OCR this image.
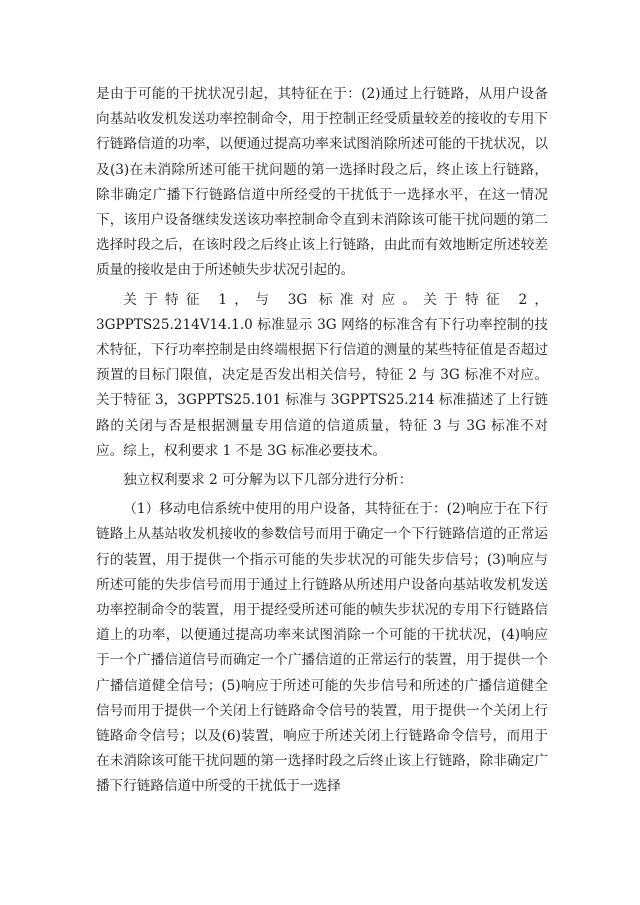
是由于可能的干扰状况引起，其特征在于：(2)通过上行链路，从用户设备向基站收发机发送功率控制命令，用于控制正经受质量较差的接收的专用下行链路信道的功率，以便通过提高功率来试图消除所述可能的干扰状况，以及(3)在未消除所述可能干扰问题的第一选择时段之后，终止该上行链路，除非确定广播下行链路信道中所经受的干扰低于一选择水平，在这一情况下，该用户设备继续发送该功率控制命令直到未消除该可能干扰问题的第二选择时段之后，在该时段之后终止该上行链路，由此而有效地断定所述较差质量的接收是由于所述帧失步状况引起的。

关于特征 1，与 3G 标准对应。关于特征 2，3GPPTS25.214V14.1.0 标准显示 3G 网络的标准含有下行功率控制的技术特征，下行功率控制是由终端根据下行信道的测量的某些特征值是否超过预置的目标门限值，决定是否发出相关信号，特征 2 与 3G 标准不对应。关于特征 3，3GPPTS25.101 标准与 3GPPTS25.214 标准描述了上行链路的关闭与否是根据测量专用信道的信道质量，特征 3 与 3G 标准不对应。综上，权利要求 1 不是 3G 标准必要技术。

独立权利要求 2 可分解为以下几部分进行分析：

（1）移动电信系统中使用的用户设备，其特征在于：(2)响应于在下行链路上从基站收发机接收的参数信号而用于确定一个下行链路信道的正常运行的装置，用于提供一个指示可能的失步状况的可能失步信号；(3)响应与所述可能的失步信号而用于通过上行链路从所述用户设备向基站收发机发送功率控制命令的装置，用于提经受所述可能的帧失步状况的专用下行链路信道上的功率，以便通过提高功率来试图消除一个可能的干扰状况，(4)响应于一个广播信道信号而确定一个广播信道的正常运行的装置，用于提供一个广播信道健全信号；(5)响应于所述可能的失步信号和所述的广播信道健全信号而用于提供一个关闭上行链路命令信号的装置，用于提供一个关闭上行链路命令信号；以及(6)装置，响应于所述关闭上行链路命令信号，而用于在未消除该可能干扰问题的第一选择时段之后终止该上行链路，除非确定广播下行链路信道中所受的干扰低于一选择
